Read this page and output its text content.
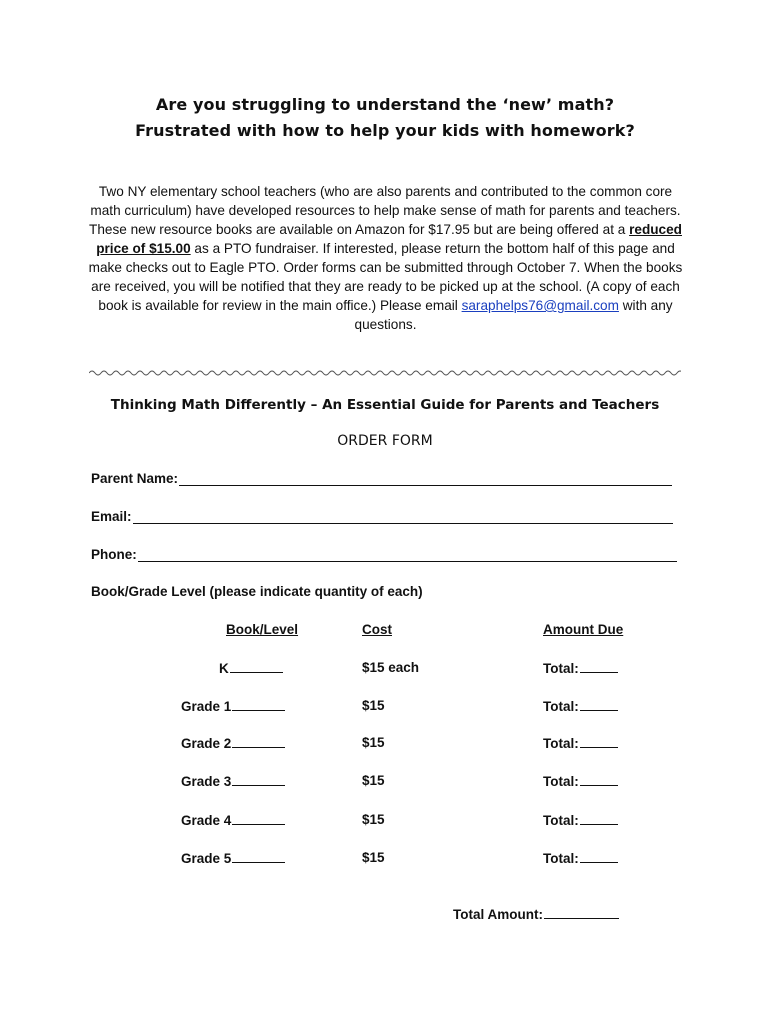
Are you struggling to understand the ‘new’ math?
Frustrated with how to help your kids with homework?
Two NY elementary school teachers (who are also parents and contributed to the common core math curriculum) have developed resources to help make sense of math for parents and teachers. These new resource books are available on Amazon for $17.95 but are being offered at a reduced price of $15.00 as a PTO fundraiser. If interested, please return the bottom half of this page and make checks out to Eagle PTO. Order forms can be submitted through October 7. When the books are received, you will be notified that they are ready to be picked up at the school. (A copy of each book is available for review in the main office.) Please email saraphelps76@gmail.com with any questions.
Thinking Math Differently – An Essential Guide for Parents and Teachers
ORDER FORM
Parent Name:
Email:
Phone:
Book/Grade Level (please indicate quantity of each)
Book/Level	Cost	Amount Due
K	$15 each	Total:
Grade 1	$15	Total:
Grade 2	$15	Total:
Grade 3	$15	Total:
Grade 4	$15	Total:
Grade 5	$15	Total:
Total Amount:
